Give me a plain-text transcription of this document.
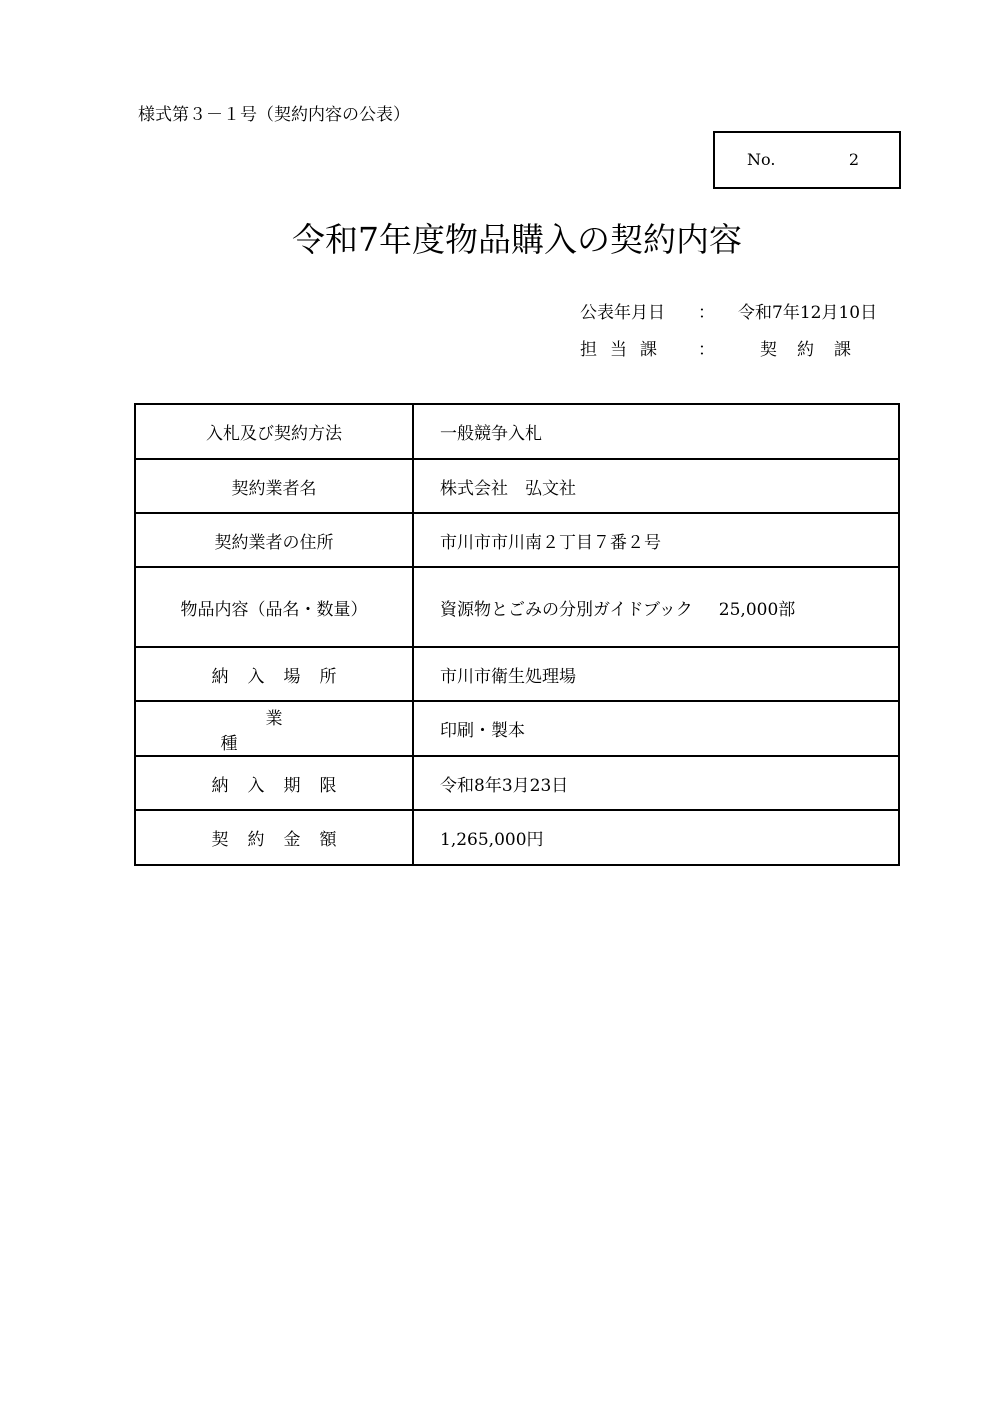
様式第３－１号（契約内容の公表）
No.	2
令和7年度物品購入の契約内容
公表年月日	： 令和7年12月10日
担当課	：	契約課
入札及び契約方法	一般競争入札
契約業者名	株式会社　弘文社
契約業者の住所	市川市市川南２丁目７番２号
物品内容（品名・数量）	資源物とごみの分別ガイドブック 25,000部
納入場所	市川市衛生処理場
業種	印刷・製本
納入期限	令和8年3月23日
契約金額	1,265,000円
